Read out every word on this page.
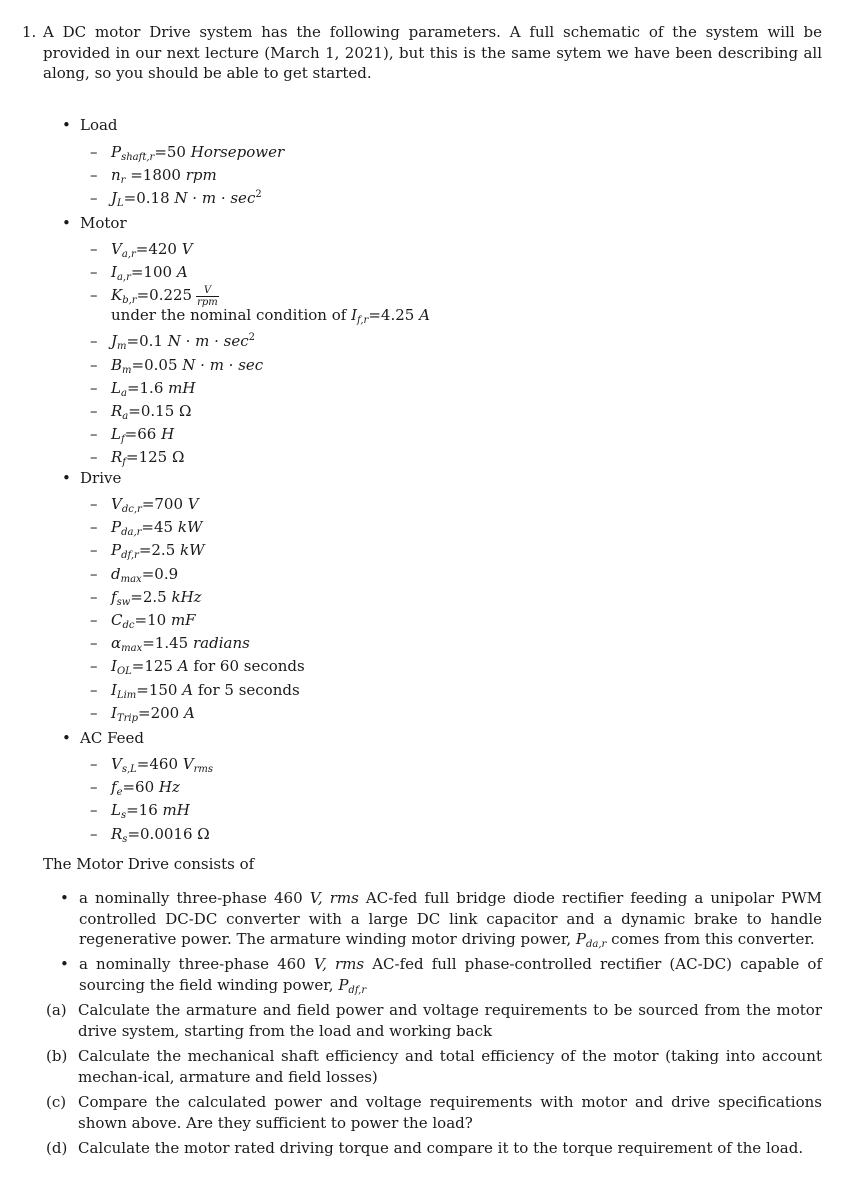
1. A DC motor Drive system has the following parameters. A full schematic of the system will be provided in our next lecture (March 1, 2021), but this is the same sytem we have been describing all along, so you should be able to get started.
• Load
– $P_{shaft,r}=50$ Horsepower
– $n_r =1800$ rpm
– $J_L=0.18$ $N \cdot m \cdot \sec^2$
• Motor
– $V_{a,r}=420$ V
– $I_{a,r}=100$ A
– $K_{b,r}=0.225 \frac{V}{\text{rpm}}$
under the nominal condition of $I_{f,r}=4.25$ A
– $J_m=0.1$ $N \cdot m \cdot \sec^2$
– $B_m=0.05$ N · m · sec
– $L_a=1.6$ mH
– $R_a=0.15$ Ω
– $L_f=66$ H
– $R_f=125$ Ω
• Drive
– $V_{dc,r}=700$ V
– $P_{da,r}=45$ kW
– $P_{df,r}=2.5$ kW
– $d_{max}=0.9$
– $f_{sw}=2.5$ kHz
– $C_{dc}=10$ mF
– $\alpha_{max}=1.45$ radians
– $I_{OL}=125$ A for 60 seconds
– $I_{Lim}=150$ A for 5 seconds
– $I_{Trip}=200$ A
• AC Feed
– $V_{s,L}=460$ $V_{rms}$
– $f_e=60$ Hz
– $L_s=16$ mH
– $R_s=0.0016$ Ω
The Motor Drive consists of
• a nominally three-phase 460 V, rms AC-fed full bridge diode rectifier feeding a unipolar PWM controlled DC-DC converter with a large DC link capacitor and a dynamic brake to handle regenerative power. The armature winding motor driving power, $P_{da,r}$ comes from this converter.
• a nominally three-phase 460 V, rms AC-fed full phase-controlled rectifier (AC-DC) capable of sourcing the field winding power, $P_{df,r}$
(a) Calculate the armature and field power and voltage requirements to be sourced from the motor drive system, starting from the load and working back
(b) Calculate the mechanical shaft efficiency and total efficiency of the motor (taking into account mechan-ical, armature and field losses)
(c) Compare the calculated power and voltage requirements with motor and drive specifications shown above. Are they sufficient to power the load?
(d) Calculate the motor rated driving torque and compare it to the torque requirement of the load.
